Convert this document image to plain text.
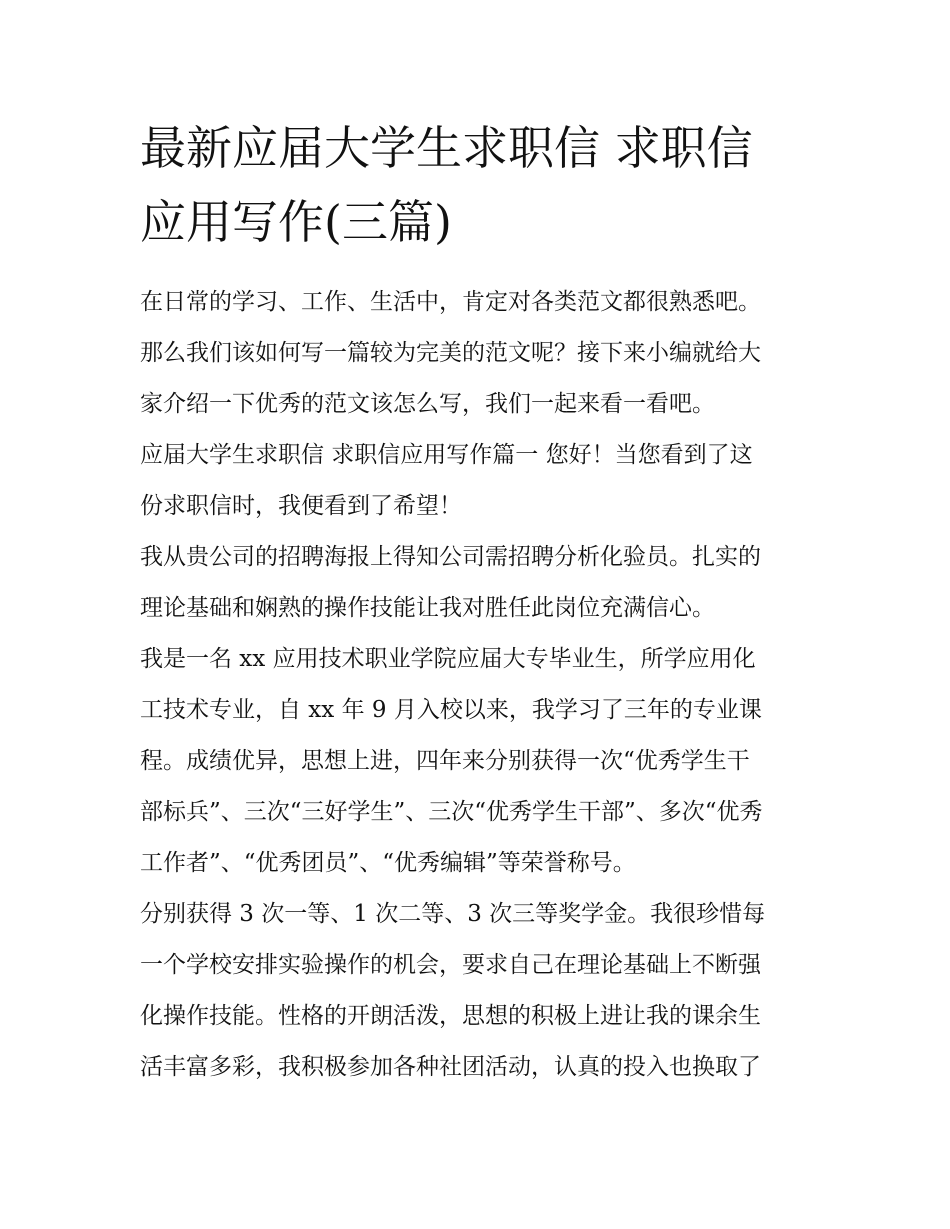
最新应届大学生求职信 求职信
应用写作(三篇)
在日常的学习、工作、生活中，肯定对各类范文都很熟悉吧。
那么我们该如何写一篇较为完美的范文呢？接下来小编就给大
家介绍一下优秀的范文该怎么写，我们一起来看一看吧。
应届大学生求职信 求职信应用写作篇一 您好！当您看到了这
份求职信时，我便看到了希望！
我从贵公司的招聘海报上得知公司需招聘分析化验员。扎实的
理论基础和娴熟的操作技能让我对胜任此岗位充满信心。
我是一名 xx 应用技术职业学院应届大专毕业生，所学应用化
工技术专业，自 xx 年 9 月入校以来，我学习了三年的专业课
程。成绩优异，思想上进，四年来分别获得一次“优秀学生干
部标兵”、三次“三好学生”、三次“优秀学生干部”、多次“优秀
工作者”、“优秀团员”、“优秀编辑”等荣誉称号。
分别获得 3 次一等、1 次二等、3 次三等奖学金。我很珍惜每
一个学校安排实验操作的机会，要求自己在理论基础上不断强
化操作技能。性格的开朗活泼，思想的积极上进让我的课余生
活丰富多彩，我积极参加各种社团活动，认真的投入也换取了
